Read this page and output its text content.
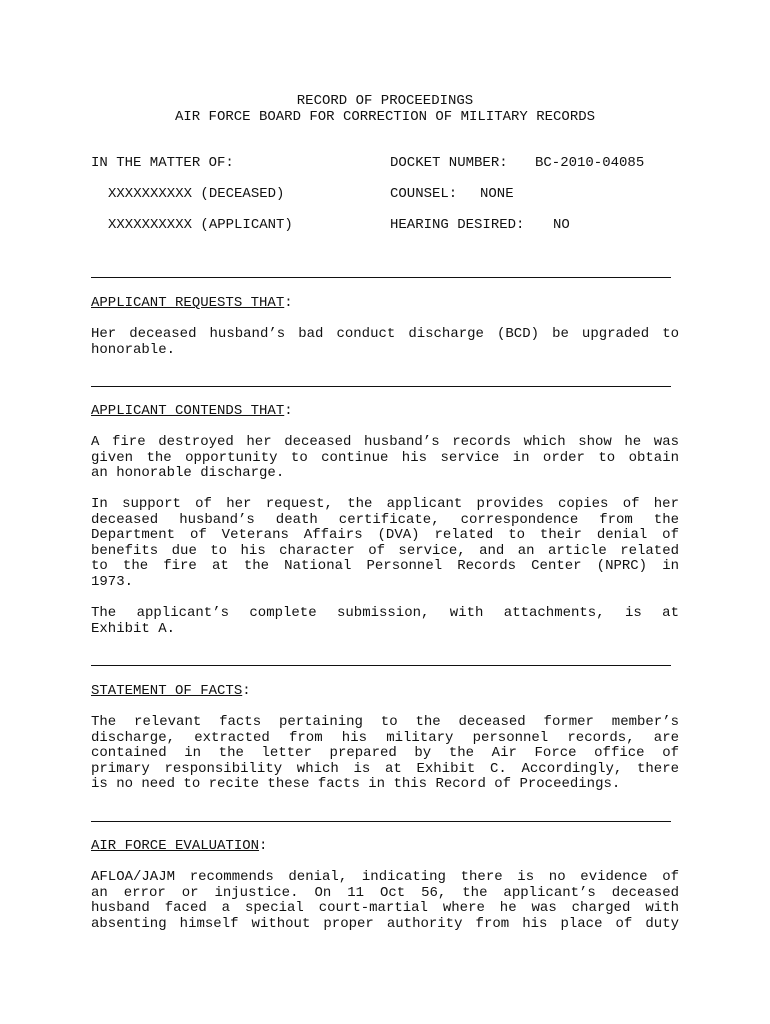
RECORD OF PROCEEDINGS
AIR FORCE BOARD FOR CORRECTION OF MILITARY RECORDS
IN THE MATTER OF:
XXXXXXXXXX (DECEASED)
XXXXXXXXXX (APPLICANT)
DOCKET NUMBER: BC-2010-04085
COUNSEL: NONE
HEARING DESIRED: NO
APPLICANT REQUESTS THAT:
Her deceased husband’s bad conduct discharge (BCD) be upgraded to
honorable.
APPLICANT CONTENDS THAT:
A fire destroyed her deceased husband’s records which show he was
given the opportunity to continue his service in order to obtain
an honorable discharge.
In support of her request, the applicant provides copies of her
deceased husband’s death certificate, correspondence from the
Department of Veterans Affairs (DVA) related to their denial of
benefits due to his character of service, and an article related
to the fire at the National Personnel Records Center (NPRC) in
1973.
The applicant’s complete submission, with attachments, is at
Exhibit A.
STATEMENT OF FACTS:
The relevant facts pertaining to the deceased former member’s
discharge, extracted from his military personnel records, are
contained in the letter prepared by the Air Force office of
primary responsibility which is at Exhibit C. Accordingly, there
is no need to recite these facts in this Record of Proceedings.
AIR FORCE EVALUATION:
AFLOA/JAJM recommends denial, indicating there is no evidence of
an error or injustice. On 11 Oct 56, the applicant’s deceased
husband faced a special court-martial where he was charged with
absenting himself without proper authority from his place of duty
